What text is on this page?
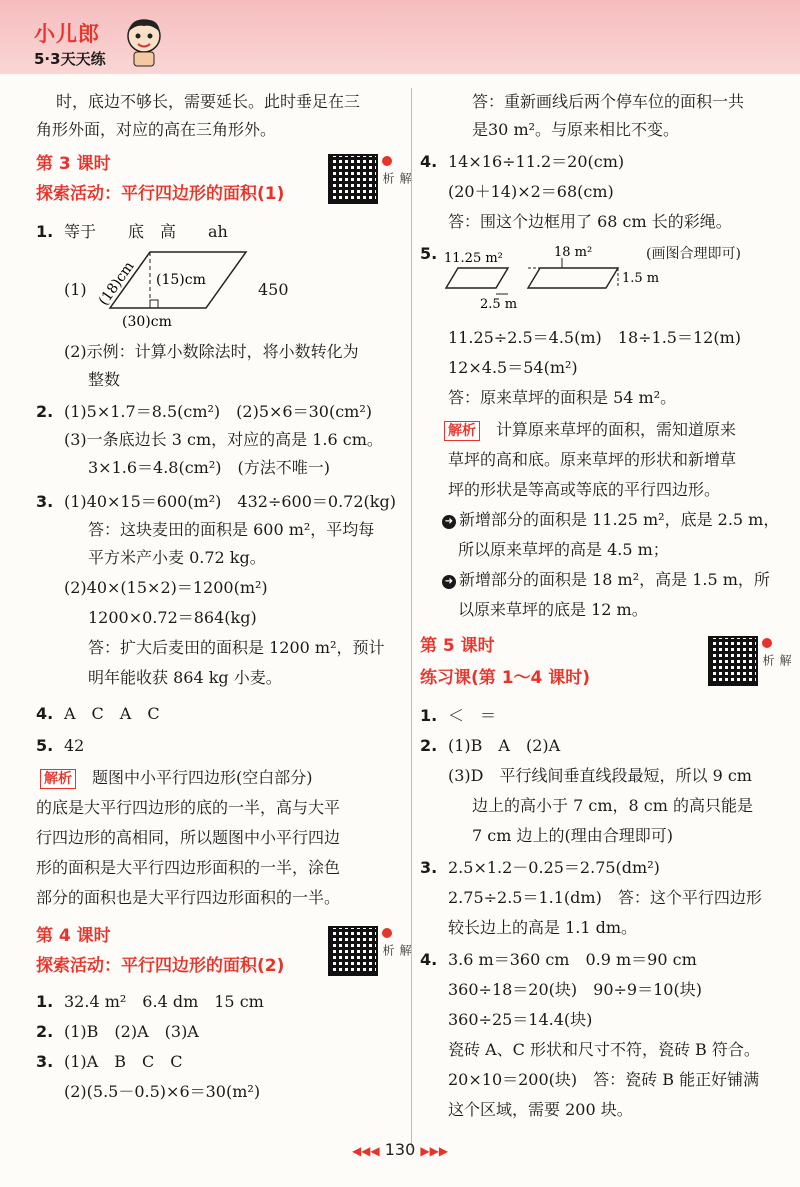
小儿郎
5·3天天练
时，底边不够长，需要延长。此时垂足在三
角形外面，对应的高在三角形外。
第 3 课时
探索活动：平行四边形的面积(1)
解析
1. 等于　　底　高　　ah
(1) (18)cm (15)cm
(30)cm
450
(2)示例：计算小数除法时，将小数转化为
整数
2. (1)5×1.7＝8.5(cm²)　(2)5×6＝30(cm²)
(3)一条底边长 3 cm，对应的高是 1.6 cm。
3×1.6＝4.8(cm²)　(方法不唯一)
3. (1)40×15＝600(m²)　432÷600＝0.72(kg)
答：这块麦田的面积是 600 m²，平均每
平方米产小麦 0.72 kg。
(2)40×(15×2)＝1200(m²)
1200×0.72＝864(kg)
答：扩大后麦田的面积是 1200 m²，预计
明年能收获 864 kg 小麦。
4. A　C　A　C
5. 42
解析　 题图中小平行四边形(空白部分)
的底是大平行四边形的底的一半，高与大平
行四边形的高相同，所以题图中小平行四边
形的面积是大平行四边形面积的一半，涂色
部分的面积也是大平行四边形面积的一半。
第 4 课时
探索活动：平行四边形的面积(2)
解析
1. 32.4 m²　6.4 dm　15 cm
2. (1)B　(2)A　(3)A
3. (1)A　B　C　C
(2)(5.5－0.5)×6＝30(m²)
答：重新画线后两个停车位的面积一共
是30 m²。与原来相比不变。
4. 14×16÷11.2＝20(cm)
(20＋14)×2＝68(cm)
答：围这个边框用了 68 cm 长的彩绳。
5. 11.25 m²	18 m²
1.5 m
2.5 m
(画图合理即可)
11.25÷2.5＝4.5(m)　18÷1.5＝12(m)
12×4.5＝54(m²)
答：原来草坪的面积是 54 m²。
解析　 计算原来草坪的面积，需知道原来
草坪的高和底。原来草坪的形状和新增草
坪的形状是等高或等底的平行四边形。
➜ 新增部分的面积是 11.25 m²，底是 2.5 m，
所以原来草坪的高是 4.5 m；
➜ 新增部分的面积是 18 m²，高是 1.5 m，所
以原来草坪的底是 12 m。
第 5 课时
练习课(第 1～4 课时)
解析
1. ＜　＝
2. (1)B　A　(2)A
(3)D　平行线间垂直线段最短，所以 9 cm
边上的高小于 7 cm，8 cm 的高只能是
7 cm 边上的(理由合理即可)
3. 2.5×1.2－0.25＝2.75(dm²)
2.75÷2.5＝1.1(dm)　答：这个平行四边形
较长边上的高是 1.1 dm。
4. 3.6 m＝360 cm　0.9 m＝90 cm
360÷18＝20(块)　90÷9＝10(块)
360÷25＝14.4(块)
瓷砖 A、C 形状和尺寸不符，瓷砖 B 符合。
20×10＝200(块)　答：瓷砖 B 能正好铺满
这个区域，需要 200 块。
◀◀◀ 130 ▶▶▶
